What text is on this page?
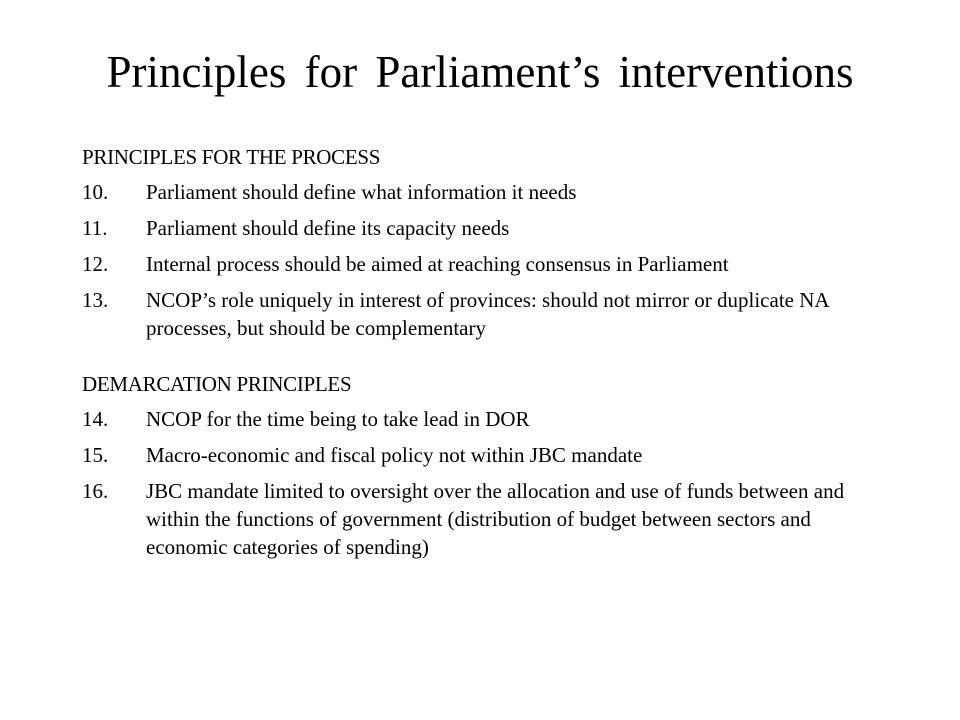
Principles for Parliament’s interventions
PRINCIPLES FOR THE PROCESS
10.	Parliament should define what information it needs
11.	Parliament should define its capacity needs
12.	Internal process should be aimed at reaching consensus in Parliament
13.	NCOP’s role uniquely in interest of provinces: should not mirror or duplicate NA processes, but should be complementary
DEMARCATION PRINCIPLES
14.	NCOP for the time being to take lead in DOR
15.	Macro-economic and fiscal policy not within JBC mandate
16.	JBC mandate limited to oversight over the allocation and use of funds between and within the functions of government (distribution of budget between sectors and economic categories of spending)
